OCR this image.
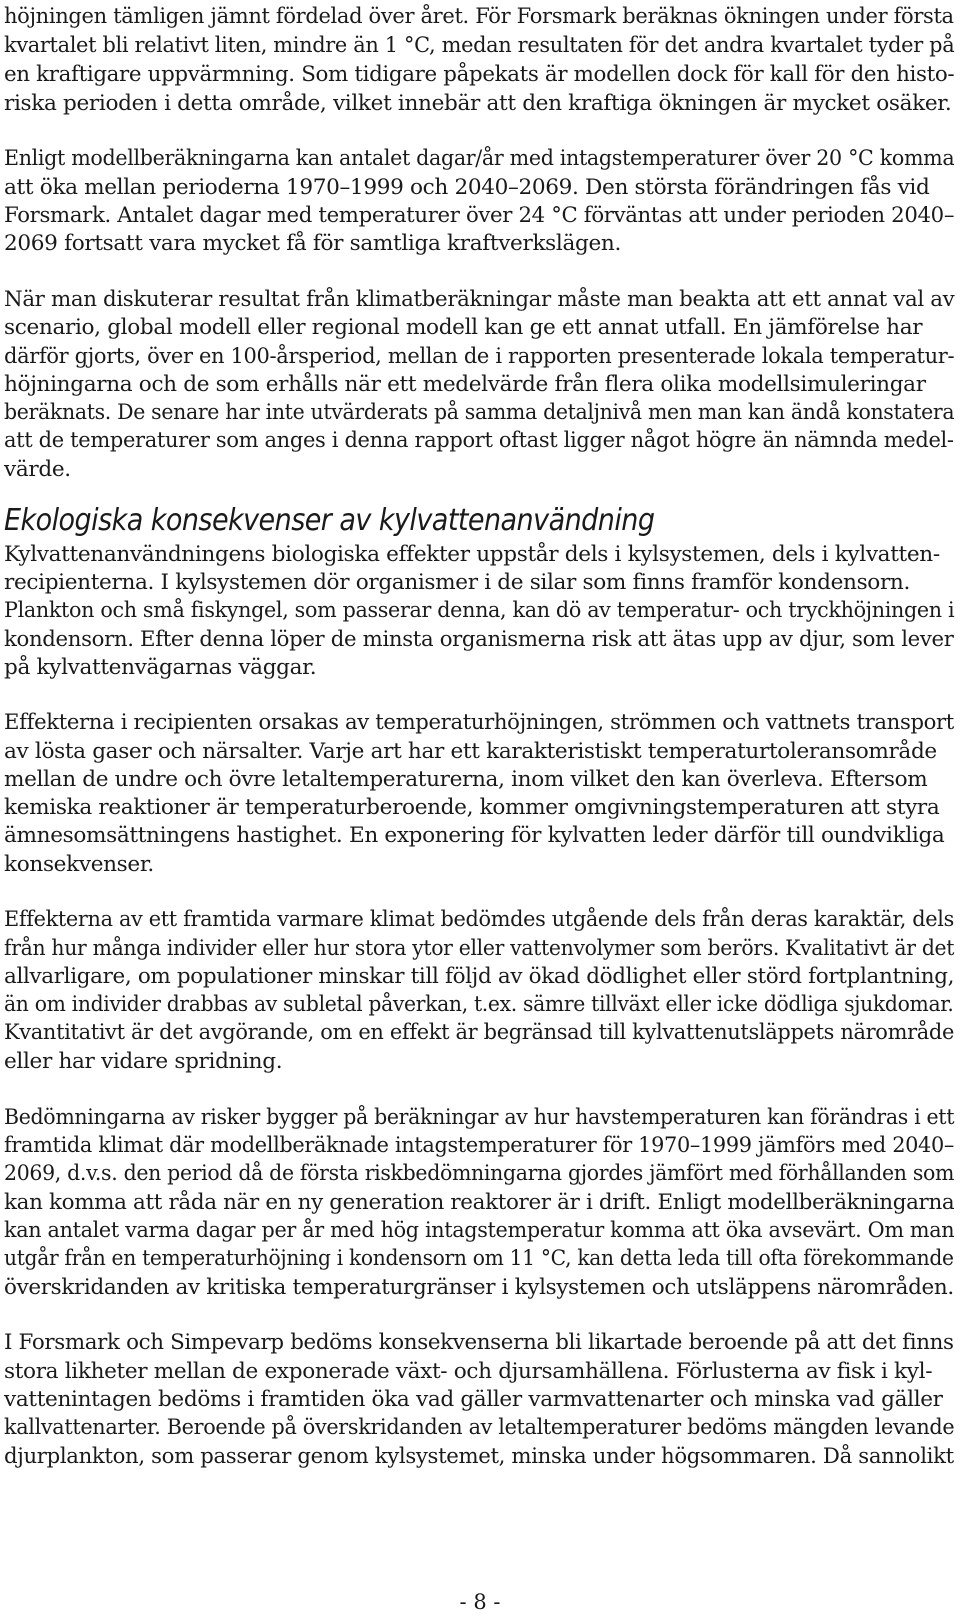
höjningen tämligen jämnt fördelad över året. För Forsmark beräknas ökningen under första
kvartalet bli relativt liten, mindre än 1 °C, medan resultaten för det andra kvartalet tyder på
en kraftigare uppvärmning. Som tidigare påpekats är modellen dock för kall för den histo-
riska perioden i detta område, vilket innebär att den kraftiga ökningen är mycket osäker.
Enligt modellberäkningarna kan antalet dagar/år med intagstemperaturer över 20 °C komma
att öka mellan perioderna 1970–1999 och 2040–2069. Den största förändringen fås vid
Forsmark. Antalet dagar med temperaturer över 24 °C förväntas att under perioden 2040–
2069 fortsatt vara mycket få för samtliga kraftverkslägen.
När man diskuterar resultat från klimatberäkningar måste man beakta att ett annat val av
scenario, global modell eller regional modell kan ge ett annat utfall. En jämförelse har
därför gjorts, över en 100-årsperiod, mellan de i rapporten presenterade lokala temperatur-
höjningarna och de som erhålls när ett medelvärde från flera olika modellsimuleringar
beräknats. De senare har inte utvärderats på samma detaljnivå men man kan ändå konstatera
att de temperaturer som anges i denna rapport oftast ligger något högre än nämnda medel-
värde.
Ekologiska konsekvenser av kylvattenanvändning
Kylvattenanvändningens biologiska effekter uppstår dels i kylsystemen, dels i kylvatten-
recipienterna. I kylsystemen dör organismer i de silar som finns framför kondensorn.
Plankton och små fiskyngel, som passerar denna, kan dö av temperatur- och tryckhöjningen i
kondensorn. Efter denna löper de minsta organismerna risk att ätas upp av djur, som lever
på kylvattenvägarnas väggar.
Effekterna i recipienten orsakas av temperaturhöjningen, strömmen och vattnets transport
av lösta gaser och närsalter. Varje art har ett karakteristiskt temperaturtoleransområde
mellan de undre och övre letaltemperaturerna, inom vilket den kan överleva. Eftersom
kemiska reaktioner är temperaturberoende, kommer omgivningstemperaturen att styra
ämnesomsättningens hastighet. En exponering för kylvatten leder därför till oundvikliga
konsekvenser.
Effekterna av ett framtida varmare klimat bedömdes utgående dels från deras karaktär, dels
från hur många individer eller hur stora ytor eller vattenvolymer som berörs. Kvalitativt är det
allvarligare, om populationer minskar till följd av ökad dödlighet eller störd fortplantning,
än om individer drabbas av subletal påverkan, t.ex. sämre tillväxt eller icke dödliga sjukdomar.
Kvantitativt är det avgörande, om en effekt är begränsad till kylvattenutsläppets närområde
eller har vidare spridning.
Bedömningarna av risker bygger på beräkningar av hur havstemperaturen kan förändras i ett
framtida klimat där modellberäknade intagstemperaturer för 1970–1999 jämförs med 2040–
2069, d.v.s. den period då de första riskbedömningarna gjordes jämfört med förhållanden som
kan komma att råda när en ny generation reaktorer är i drift. Enligt modellberäkningarna
kan antalet varma dagar per år med hög intagstemperatur komma att öka avsevärt. Om man
utgår från en temperaturhöjning i kondensorn om 11 °C, kan detta leda till ofta förekommande
överskridanden av kritiska temperaturgränser i kylsystemen och utsläppens närområden.
I Forsmark och Simpevarp bedöms konsekvenserna bli likartade beroende på att det finns
stora likheter mellan de exponerade växt- och djursamhällena. Förlusterna av fisk i kyl-
vattenintagen bedöms i framtiden öka vad gäller varmvattenarter och minska vad gäller
kallvattenarter. Beroende på överskridanden av letaltemperaturer bedöms mängden levande
djurplankton, som passerar genom kylsystemet, minska under högsommaren. Då sannolikt
- 8 -
